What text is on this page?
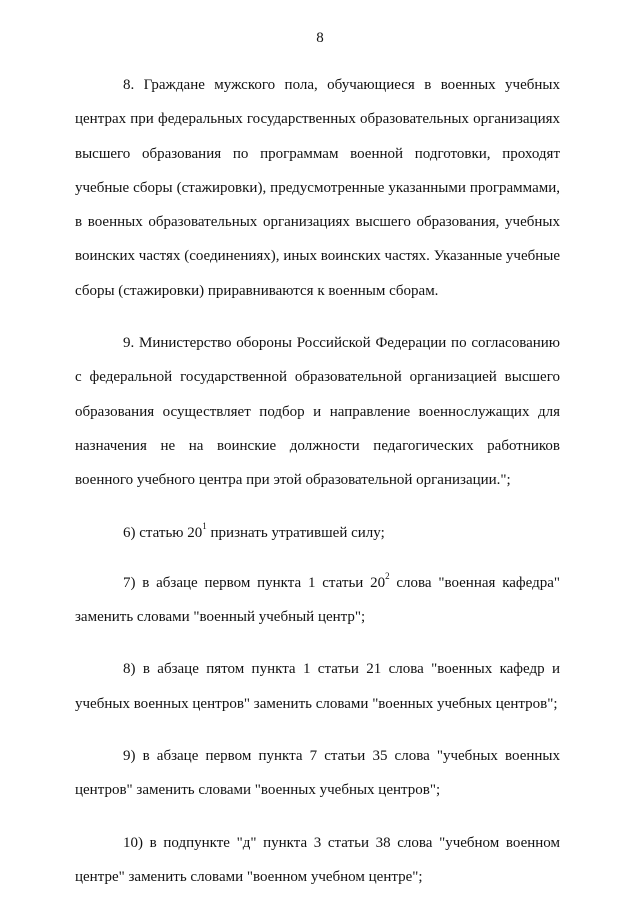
8

8. Граждане мужского пола, обучающиеся в военных учебных центрах при федеральных государственных образовательных организациях высшего образования по программам военной подготовки, проходят учебные сборы (стажировки), предусмотренные указанными программами, в военных образовательных организациях высшего образования, учебных воинских частях (соединениях), иных воинских частях. Указанные учебные сборы (стажировки) приравниваются к военным сборам.

9. Министерство обороны Российской Федерации по согласованию с федеральной государственной образовательной организацией высшего образования осуществляет подбор и направление военнослужащих для назначения не на воинские должности педагогических работников военного учебного центра при этой образовательной организации.";

6) статью $20^1$ признать утратившей силу;

7) в абзаце первом пункта 1 статьи $20^2$ слова "военная кафедра" заменить словами "военный учебный центр";

8) в абзаце пятом пункта 1 статьи 21 слова "военных кафедр и учебных военных центров" заменить словами "военных учебных центров";

9) в абзаце первом пункта 7 статьи 35 слова "учебных военных центров" заменить словами "военных учебных центров";

10) в подпункте "д" пункта 3 статьи 38 слова "учебном военном центре" заменить словами "военном учебном центре";
